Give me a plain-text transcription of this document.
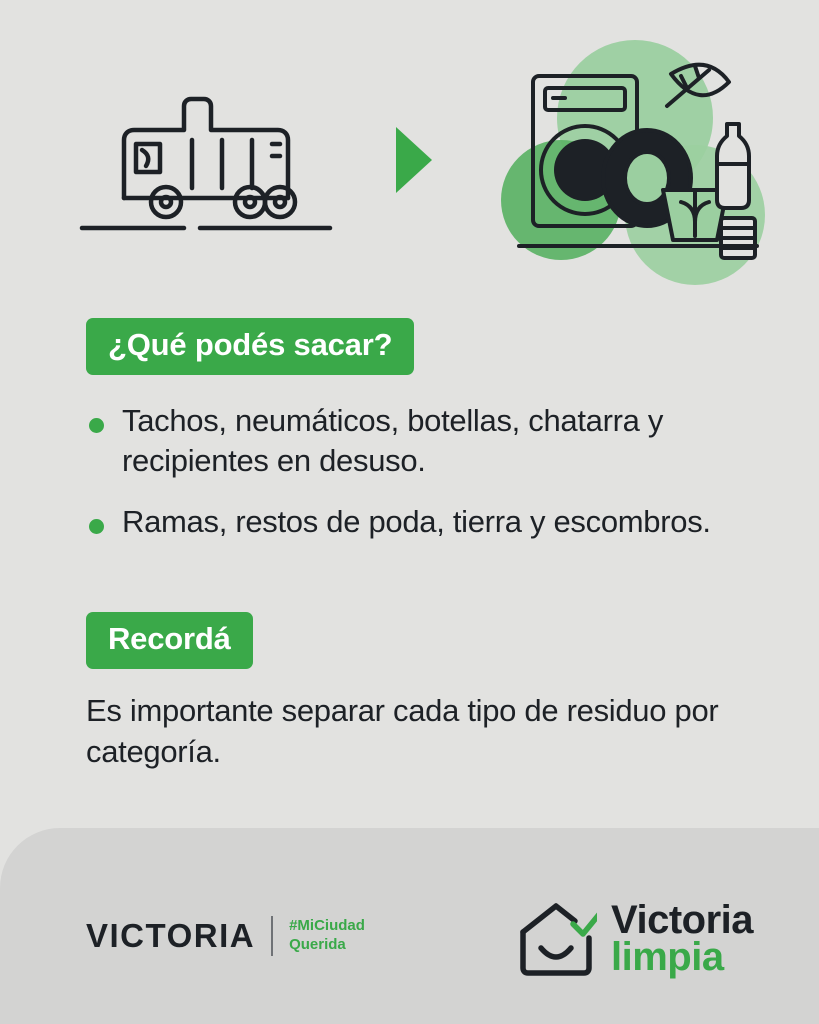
¿Qué podés sacar?
Tachos, neumáticos, botellas, chatarra y recipientes en desuso.
Ramas, restos de poda, tierra y escombros.
Recordá

Es importante separar cada tipo de residuo por categoría.

VICTORIA #MiCiudad
Querida
Victoria
limpia
